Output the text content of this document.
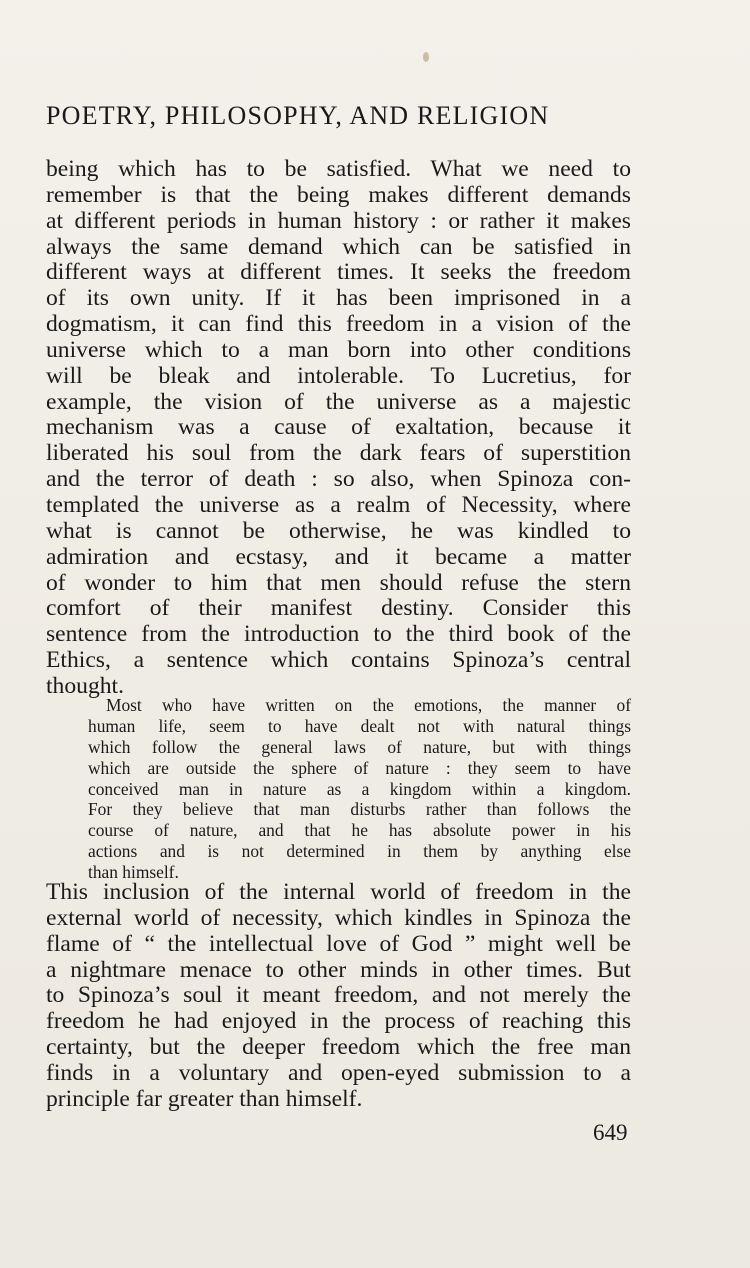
POETRY, PHILOSOPHY, AND RELIGION
being which has to be satisfied. What we need to
remember is that the being makes different demands
at different periods in human history : or rather it makes
always the same demand which can be satisfied in
different ways at different times. It seeks the freedom
of its own unity. If it has been imprisoned in a
dogmatism, it can find this freedom in a vision of the
universe which to a man born into other conditions
will be bleak and intolerable. To Lucretius, for
example, the vision of the universe as a majestic
mechanism was a cause of exaltation, because it
liberated his soul from the dark fears of superstition
and the terror of death : so also, when Spinoza con-
templated the universe as a realm of Necessity, where
what is cannot be otherwise, he was kindled to
admiration and ecstasy, and it became a matter
of wonder to him that men should refuse the stern
comfort of their manifest destiny. Consider this
sentence from the introduction to the third book of the
Ethics, a sentence which contains Spinoza’s central
thought.
Most who have written on the emotions, the manner of
human life, seem to have dealt not with natural things
which follow the general laws of nature, but with things
which are outside the sphere of nature : they seem to have
conceived man in nature as a kingdom within a kingdom.
For they believe that man disturbs rather than follows the
course of nature, and that he has absolute power in his
actions and is not determined in them by anything else
than himself.
This inclusion of the internal world of freedom in the
external world of necessity, which kindles in Spinoza the
flame of “ the intellectual love of God ” might well be
a nightmare menace to other minds in other times. But
to Spinoza’s soul it meant freedom, and not merely the
freedom he had enjoyed in the process of reaching this
certainty, but the deeper freedom which the free man
finds in a voluntary and open-eyed submission to a
principle far greater than himself.
649
